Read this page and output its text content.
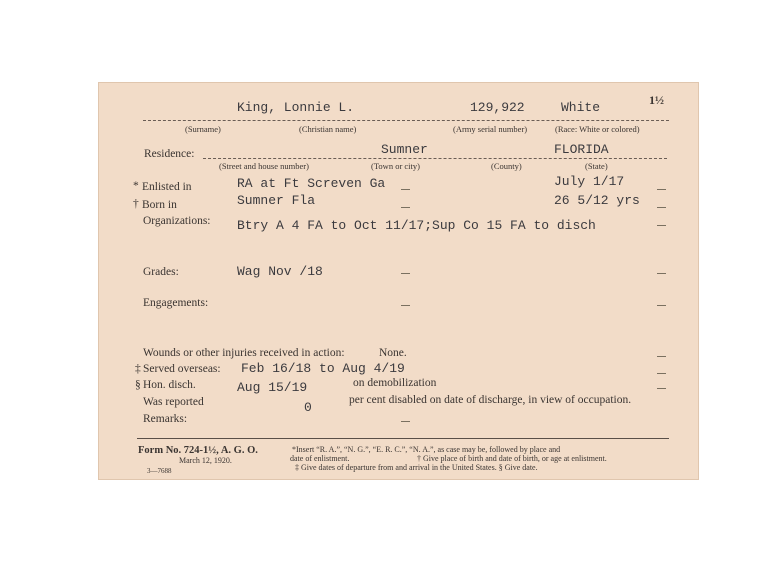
1½
King, Lonnie L.	129,922	White
(Surname)	(Christian name)	(Army serial number)	(Race: White or colored)
Residence:	Sumner	FLORIDA
(Street and house number)	(Town or city)	(County)	(State)
* Enlisted in	RA at Ft Screven Ga	July 1/17
† Born in	Sumner Fla	26 5/12 yrs
Organizations: Btry A 4 FA to Oct 11/17;Sup Co 15 FA to disch
Grades:	Wag Nov /18
Engagements:
Wounds or other injuries received in action:	None.
‡ Served overseas: Feb 16/18 to Aug 4/19
§ Hon. disch.	Aug 15/19	on demobilization
Was reported	0	per cent disabled on date of discharge, in view of occupation.
Remarks:
Form No. 724-1½, A. G. O.
March 12, 1920.
3—7688
*Insert “R. A.”, “N. G.”, “E. R. C.”, “N. A.”, as case may be, followed by place and
date of enlistment.	† Give place of birth and date of birth, or age at enlistment.
‡ Give dates of departure from and arrival in the United States. § Give date.
